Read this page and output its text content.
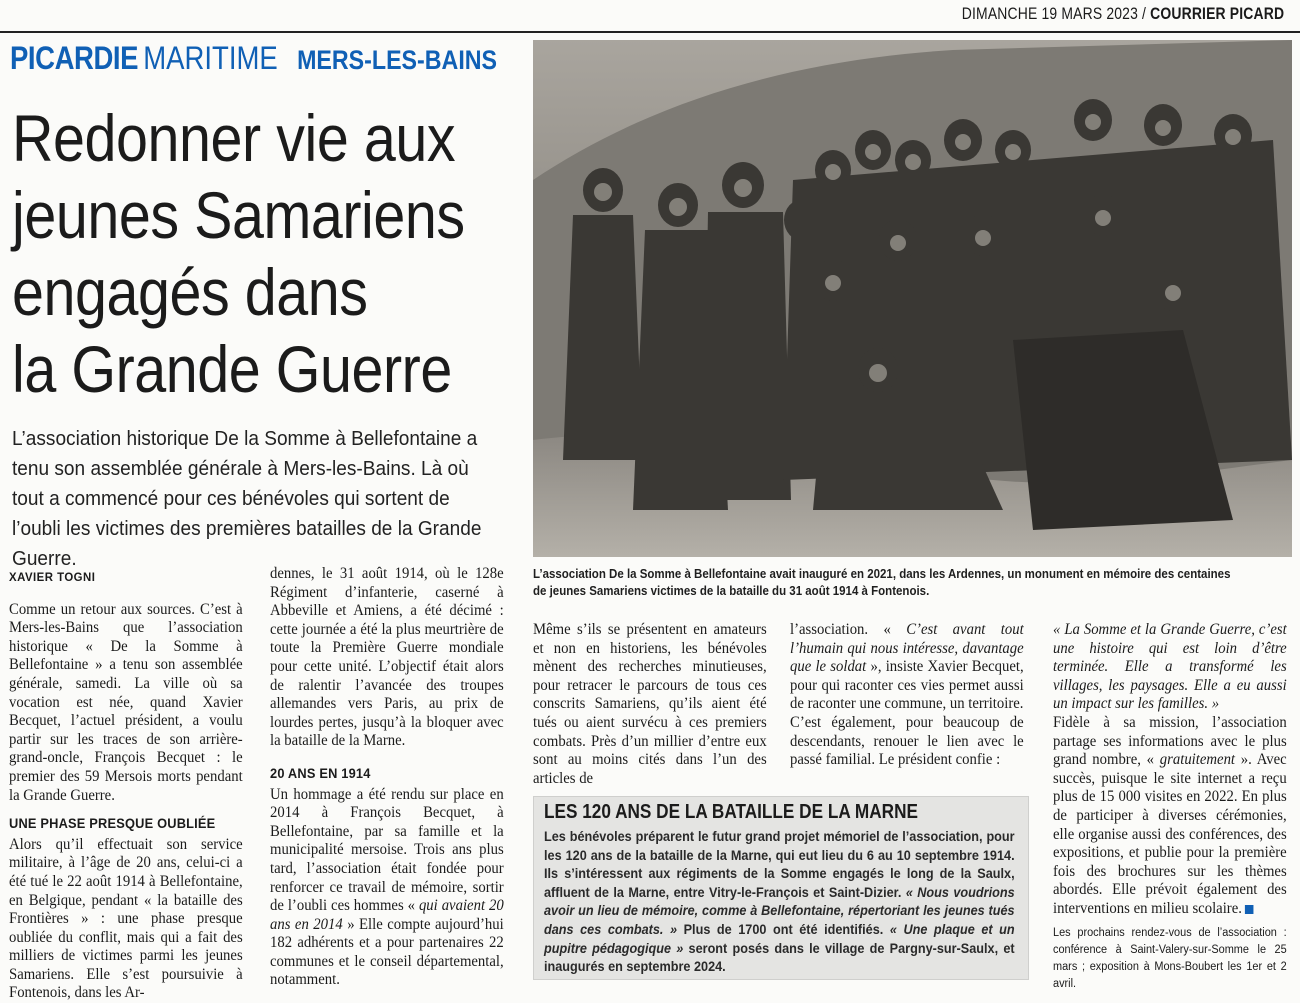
DIMANCHE 19 MARS 2023 / COURRIER PICARD
PICARDIE MARITIME MERS-LES-BAINS
Redonner vie aux
jeunes Samariens
engagés dans
la Grande Guerre
L’association historique De la Somme à Bellefontaine a tenu son assemblée générale à Mers-les-Bains. Là où tout a commencé pour ces bénévoles qui sortent de l’oubli les victimes des premières batailles de la Grande Guerre.
L’association De la Somme à Bellefontaine avait inauguré en 2021, dans les Ardennes, un monument en mémoire des centaines de jeunes Samariens victimes de la bataille du 31 août 1914 à Fontenois.
XAVIER TOGNI

Comme un retour aux sources. C’est à Mers-les-Bains que l’association historique « De la Somme à Bellefontaine » a tenu son assemblée générale, samedi. La ville où sa vocation est née, quand Xavier Becquet, l’actuel président, a voulu partir sur les traces de son arrière-grand-oncle, François Becquet : le premier des 59 Mersois morts pendant la Grande Guerre.

UNE PHASE PRESQUE OUBLIÉE

Alors qu’il effectuait son service militaire, à l’âge de 20 ans, celui-ci a été tué le 22 août 1914 à Bellefontaine, en Belgique, pendant « la bataille des Frontières » : une phase presque oubliée du conflit, mais qui a fait des milliers de victimes parmi les jeunes Samariens. Elle s’est poursuivie à Fontenois, dans les Ar-

dennes, le 31 août 1914, où le 128e Régiment d’infanterie, caserné à Abbeville et Amiens, a été décimé : cette journée a été la plus meurtrière de toute la Première Guerre mondiale pour cette unité. L’objectif était alors de ralentir l’avancée des troupes allemandes vers Paris, au prix de lourdes pertes, jusqu’à la bloquer avec la bataille de la Marne.

20 ANS EN 1914

Un hommage a été rendu sur place en 2014 à François Becquet, à Bellefontaine, par sa famille et la municipalité mersoise. Trois ans plus tard, l’association était fondée pour renforcer ce travail de mémoire, sortir de l’oubli ces hommes « qui avaient 20 ans en 2014 » Elle compte aujourd’hui 182 adhérents et a pour partenaires 22 communes et le conseil départemental, notamment.

Même s’ils se présentent en amateurs et non en historiens, les bénévoles mènent des recherches minutieuses, pour retracer le parcours de tous ces conscrits Samariens, qu’ils aient été tués ou aient survécu à ces premiers combats. Près d’un millier d’entre eux sont au moins cités dans l’un des articles de

l’association. « C’est avant tout l’humain qui nous intéresse, davantage que le soldat », insiste Xavier Becquet, pour qui raconter ces vies permet aussi de raconter une commune, un territoire.

C’est également, pour beaucoup de descendants, renouer le lien avec le passé familial. Le président confie :

« La Somme et la Grande Guerre, c’est une histoire qui est loin d’être terminée. Elle a transformé les villages, les paysages. Elle a eu aussi un impact sur les familles. »

Fidèle à sa mission, l’association partage ses informations avec le plus grand nombre, « gratuitement ». Avec succès, puisque le site internet a reçu plus de 15 000 visites en 2022. En plus de participer à diverses cérémonies, elle organise aussi des conférences, des expositions, et publie pour la première fois des brochures sur les thèmes abordés. Elle prévoit également des interventions en milieu scolaire.

Les prochains rendez-vous de l’association : conférence à Saint-Valery-sur-Somme le 25 mars ; exposition à Mons-Boubert les 1er et 2 avril.
LES 120 ANS DE LA BATAILLE DE LA MARNE
Les bénévoles préparent le futur grand projet mémoriel de l’association, pour les 120 ans de la bataille de la Marne, qui eut lieu du 6 au 10 septembre 1914. Ils s’intéressent aux régiments de la Somme engagés le long de la Saulx, affluent de la Marne, entre Vitry-le-François et Saint-Dizier. « Nous voudrions avoir un lieu de mémoire, comme à Bellefontaine, répertoriant les jeunes tués dans ces combats. » Plus de 1700 ont été identifiés. « Une plaque et un pupitre pédagogique » seront posés dans le village de Pargny-sur-Saulx, et inaugurés en septembre 2024.
